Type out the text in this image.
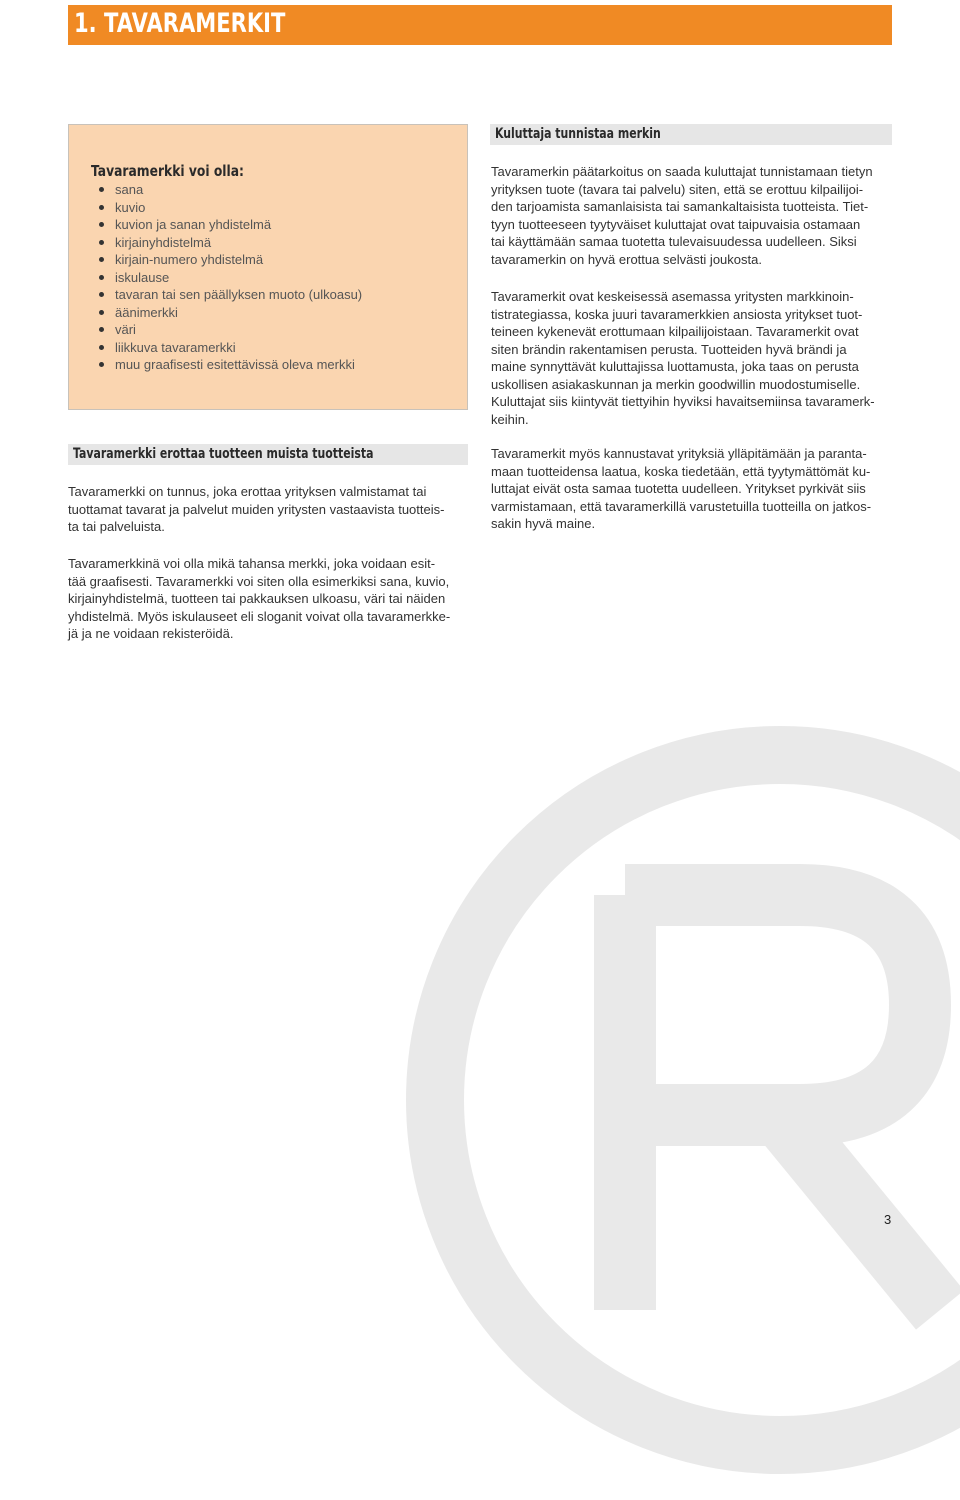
1. TAVARAMERKIT
Tavaramerkki voi olla:
sana
kuvio
kuvion ja sanan yhdistelmä
kirjainyhdistelmä
kirjain-numero yhdistelmä
iskulause
tavaran tai sen päällyksen muoto (ulkoasu)
äänimerkki
väri
liikkuva tavaramerkki
muu graafisesti esitettävissä oleva merkki
Tavaramerkki erottaa tuotteen muista tuotteista

Tavaramerkki on tunnus, joka erottaa yrityksen valmistamat tai
tuottamat tavarat ja palvelut muiden yritysten vastaavista tuotteis-
ta tai palveluista.

Tavaramerkkinä voi olla mikä tahansa merkki, joka voidaan esit-
tää graafisesti. Tavaramerkki voi siten olla esimerkiksi sana, kuvio,
kirjainyhdistelmä, tuotteen tai pakkauksen ulkoasu, väri tai näiden
yhdistelmä. Myös iskulauseet eli sloganit voivat olla tavaramerkke-
jä ja ne voidaan rekisteröidä.

Kuluttaja tunnistaa merkin

Tavaramerkin päätarkoitus on saada kuluttajat tunnistamaan tietyn
yrityksen tuote (tavara tai palvelu) siten, että se erottuu kilpailijoi-
den tarjoamista samanlaisista tai samankaltaisista tuotteista. Tiet-
tyyn tuotteeseen tyytyväiset kuluttajat ovat taipuvaisia ostamaan
tai käyttämään samaa tuotetta tulevaisuudessa uudelleen. Siksi
tavaramerkin on hyvä erottua selvästi joukosta.

Tavaramerkit ovat keskeisessä asemassa yritysten markkinoin-
tistrategiassa, koska juuri tavaramerkkien ansiosta yritykset tuot-
teineen kykenevät erottumaan kilpailijoistaan. Tavaramerkit ovat
siten brändin rakentamisen perusta. Tuotteiden hyvä brändi ja
maine synnyttävät kuluttajissa luottamusta, joka taas on perusta
uskollisen asiakaskunnan ja merkin goodwillin muodostumiselle.
Kuluttajat siis kiintyvät tiettyihin hyviksi havaitsemiinsa tavaramerk-
keihin.

Tavaramerkit myös kannustavat yrityksiä ylläpitämään ja paranta-
maan tuotteidensa laatua, koska tiedetään, että tyytymättömät ku-
luttajat eivät osta samaa tuotetta uudelleen. Yritykset pyrkivät siis
varmistamaan, että tavaramerkillä varustetuilla tuotteilla on jatkos-
sakin hyvä maine.

3
